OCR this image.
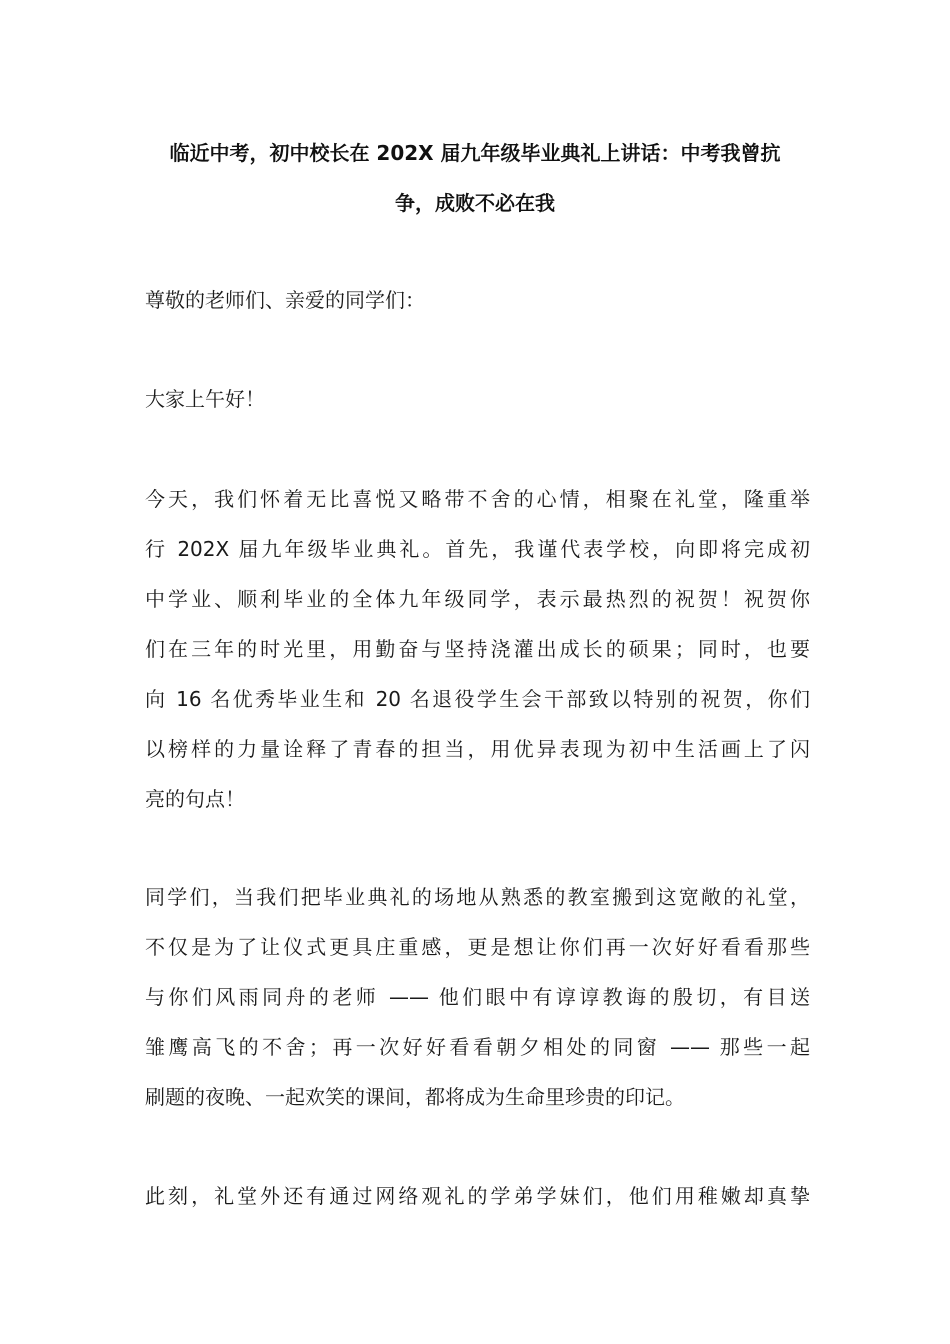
临近中考，初中校长在 202X 届九年级毕业典礼上讲话：中考我曾抗
争，成败不必在我
尊敬的老师们、亲爱的同学们：
大家上午好！
今天，我们怀着无比喜悦又略带不舍的心情，相聚在礼堂，隆重举
行 202X 届九年级毕业典礼。首先，我谨代表学校，向即将完成初
中学业、顺利毕业的全体九年级同学，表示最热烈的祝贺！祝贺你
们在三年的时光里，用勤奋与坚持浇灌出成长的硕果；同时，也要
向 16 名优秀毕业生和 20 名退役学生会干部致以特别的祝贺，你们
以榜样的力量诠释了青春的担当，用优异表现为初中生活画上了闪
亮的句点！
同学们，当我们把毕业典礼的场地从熟悉的教室搬到这宽敞的礼堂，
不仅是为了让仪式更具庄重感，更是想让你们再一次好好看看那些
与你们风雨同舟的老师 —— 他们眼中有谆谆教诲的殷切，有目送
雏鹰高飞的不舍；再一次好好看看朝夕相处的同窗 —— 那些一起
刷题的夜晚、一起欢笑的课间，都将成为生命里珍贵的印记。
此刻，礼堂外还有通过网络观礼的学弟学妹们，他们用稚嫩却真挚
